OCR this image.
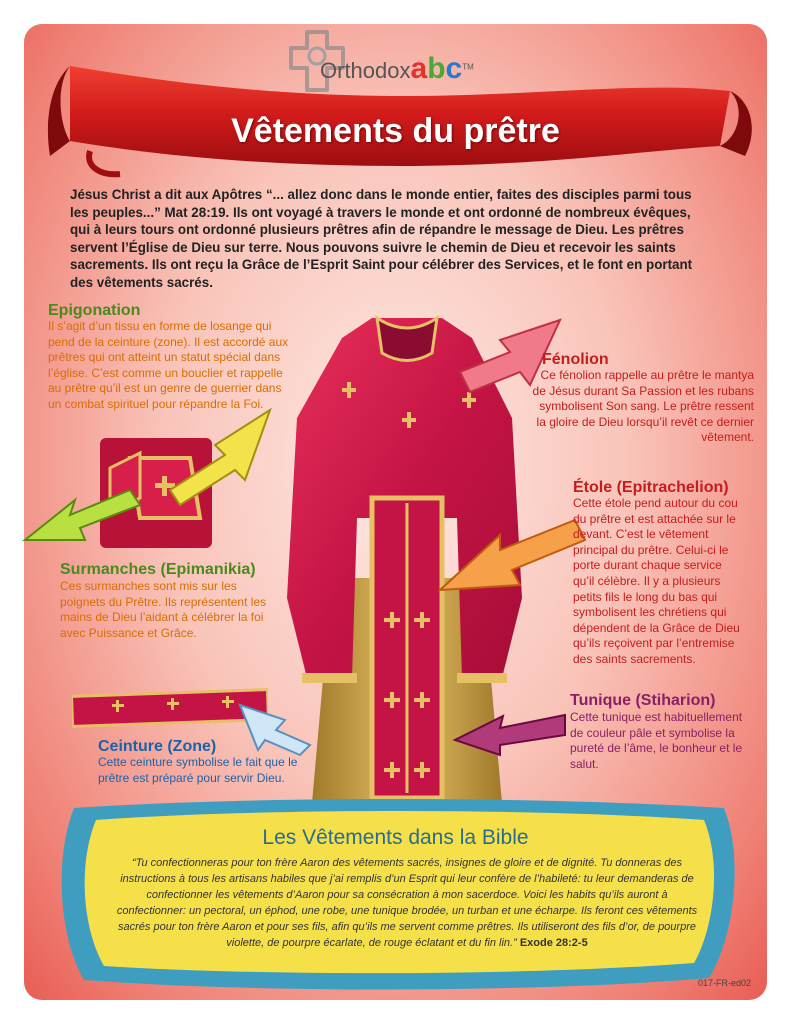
Orthodoxabc™
Vêtements du prêtre
Jésus Christ a dit aux Apôtres “... allez donc dans le monde entier, faites des disciples parmi tous les peuples...” Mat 28:19. Ils ont voyagé à travers le monde et ont ordonné de nombreux évêques, qui à leurs tours ont ordonné plusieurs prêtres afin de répandre le message de Dieu. Les prêtres servent l’Église de Dieu sur terre. Nous pouvons suivre le chemin de Dieu et recevoir les saints sacrements. Ils ont reçu la Grâce de l’Esprit Saint pour célébrer des Services, et le font en portant des vêtements sacrés.
Epigonation
Il s’agit d’un tissu en forme de losange qui pend de la ceinture (zone). Il est accordé aux prêtres qui ont atteint un statut spécial dans l’église. C’est comme un bouclier et rappelle au prêtre qu’il est un genre de guerrier dans un combat spirituel pour répandre la Foi.
Fénolion
Ce fénolion rappelle au prêtre le mantya de Jésus durant Sa Passion et les rubans symbolisent Son sang. Le prêtre ressent la gloire de Dieu lorsqu’il revêt ce dernier vêtement.
Étole (Epitrachelion)
Cette étole pend autour du cou du prêtre et est attachée sur le devant. C’est le vêtement principal du prêtre. Celui-ci le porte durant chaque service qu’il célèbre. Il y a plusieurs petits fils le long du bas qui symbolisent les chrétiens qui dépendent de la Grâce de Dieu qu’ils reçoivent par l’entremise des saints sacrements.
Surmanches (Epimanikia)
Ces surmanches sont mis sur les poignets du Prêtre. Ils représentent les mains de Dieu l’aidant à célébrer la foi avec Puissance et Grâce.
Tunique (Stiharion)
Cette tunique est habituellement de couleur pâle et symbolise la pureté de l’âme, le bonheur et le salut.
Ceinture (Zone)
Cette ceinture symbolise le fait que le prêtre est préparé pour servir Dieu.
Les Vêtements dans la Bible
“Tu confectionneras pour ton frère Aaron des vêtements sacrés, insignes de gloire et de dignité. Tu donneras des instructions à tous les artisans habiles que j’ai remplis d’un Esprit qui leur confère de l’habileté: tu leur demanderas de confectionner les vêtements d’Aaron pour sa consécration à mon sacerdoce. Voici les habits qu’ils auront à confectionner: un pectoral, un éphod, une robe, une tunique brodée, un turban et une écharpe. Ils feront ces vêtements sacrés pour ton frère Aaron et pour ses fils, afin qu’ils me servent comme prêtres. Ils utiliseront des fils d’or, de pourpre violette, de pourpre écarlate, de rouge éclatant et du fin lin.” Exode 28:2-5
017-FR-ed02
